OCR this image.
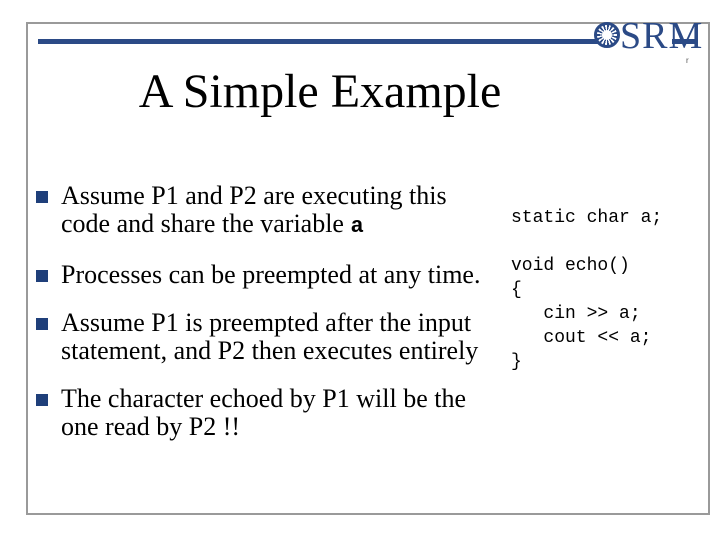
SRM
r
A Simple Example
Assume P1 and P2 are executing this code and share the variable a
Processes can be preempted at any time.
Assume P1 is preempted after the input statement, and P2 then executes entirely
The character echoed by P1 will be the one read by P2 !!
static char a;

void echo()
{
cin >> a;
cout << a;
}
